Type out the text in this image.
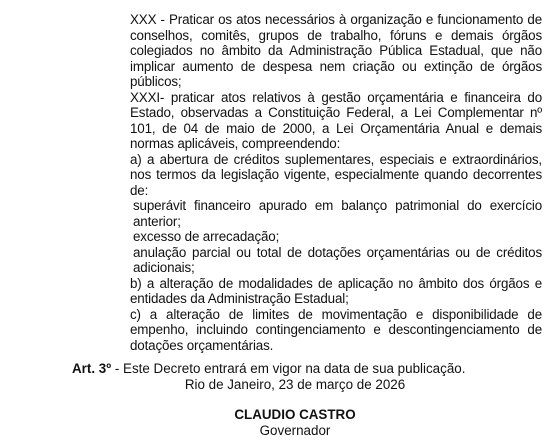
XXX - Praticar os atos necessários à organização e funcionamento de conselhos, comitês, grupos de trabalho, fóruns e demais órgãos colegiados no âmbito da Administração Pública Estadual, que não implicar aumento de despesa nem criação ou extinção de órgãos públicos;

XXXI- praticar atos relativos à gestão orçamentária e financeira do Estado, observadas a Constituição Federal, a Lei Complementar nº 101, de 04 de maio de 2000, a Lei Orçamentária Anual e demais normas aplicáveis, compreendendo:

a) a abertura de créditos suplementares, especiais e extraordinários, nos termos da legislação vigente, especialmente quando decorrentes de:

superávit financeiro apurado em balanço patrimonial do exercício anterior;

excesso de arrecadação;

anulação parcial ou total de dotações orçamentárias ou de créditos adicionais;

b) a alteração de modalidades de aplicação no âmbito dos órgãos e entidades da Administração Estadual;

c) a alteração de limites de movimentação e disponibilidade de empenho, incluindo contingenciamento e descontingenciamento de dotações orçamentárias.

Art. 3º - Este Decreto entrará em vigor na data de sua publicação.
Rio de Janeiro, 23 de março de 2026
CLAUDIO CASTRO
Governador
